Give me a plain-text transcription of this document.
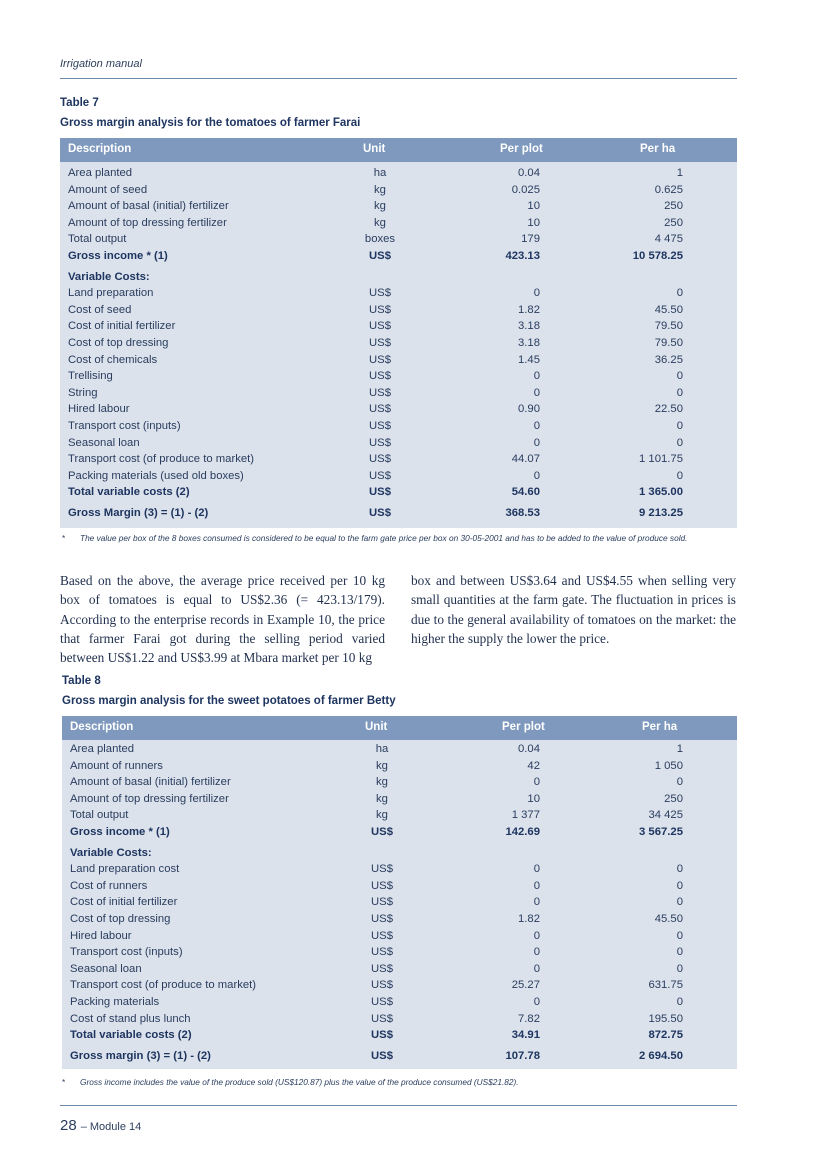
Irrigation manual
Table 7
Gross margin analysis for the tomatoes of farmer Farai
Description	Unit	Per plot	Per ha
Area planted	ha	0.04	1
Amount of seed	kg	0.025	0.625
Amount of basal (initial) fertilizer	kg	10	250
Amount of top dressing fertilizer	kg	10	250
Total output	boxes	179	4 475
Gross income * (1)	US$	423.13	10 578.25
Variable Costs:
Land preparation	US$	0	0
Cost of seed	US$	1.82	45.50
Cost of initial fertilizer	US$	3.18	79.50
Cost of top dressing	US$	3.18	79.50
Cost of chemicals	US$	1.45	36.25
Trellising	US$	0	0
String	US$	0	0
Hired labour	US$	0.90	22.50
Transport cost (inputs)	US$	0	0
Seasonal loan	US$	0	0
Transport cost (of produce to market)	US$	44.07	1 101.75
Packing materials (used old boxes)	US$	0	0
Total variable costs (2)	US$	54.60	1 365.00
Gross Margin (3) = (1) - (2)	US$	368.53	9 213.25
*	The value per box of the 8 boxes consumed is considered to be equal to the farm gate price per box on 30-05-2001 and has to be added to the value of produce sold.
Based on the above, the average price received per 10 kg box of tomatoes is equal to US$2.36 (= 423.13/179). According to the enterprise records in Example 10, the price that farmer Farai got during the selling period varied between US$1.22 and US$3.99 at Mbara market per 10 kg
box and between US$3.64 and US$4.55 when selling very small quantities at the farm gate. The fluctuation in prices is due to the general availability of tomatoes on the market: the higher the supply the lower the price.
Table 8
Gross margin analysis for the sweet potatoes of farmer Betty
Description	Unit	Per plot	Per ha
Area planted	ha	0.04	1
Amount of runners	kg	42	1 050
Amount of basal (initial) fertilizer	kg	0	0
Amount of top dressing fertilizer	kg	10	250
Total output	kg	1 377	34 425
Gross income * (1)	US$	142.69	3 567.25
Variable Costs:
Land preparation cost	US$	0	0
Cost of runners	US$	0	0
Cost of initial fertilizer	US$	0	0
Cost of top dressing	US$	1.82	45.50
Hired labour	US$	0	0
Transport cost (inputs)	US$	0	0
Seasonal loan	US$	0	0
Transport cost (of produce to market)	US$	25.27	631.75
Packing materials	US$	0	0
Cost of stand plus lunch	US$	7.82	195.50
Total variable costs (2)	US$	34.91	872.75
Gross margin (3) = (1) - (2)	US$	107.78	2 694.50
*	Gross income includes the value of the produce sold (US$120.87) plus the value of the produce consumed (US$21.82).
28 – Module 14
